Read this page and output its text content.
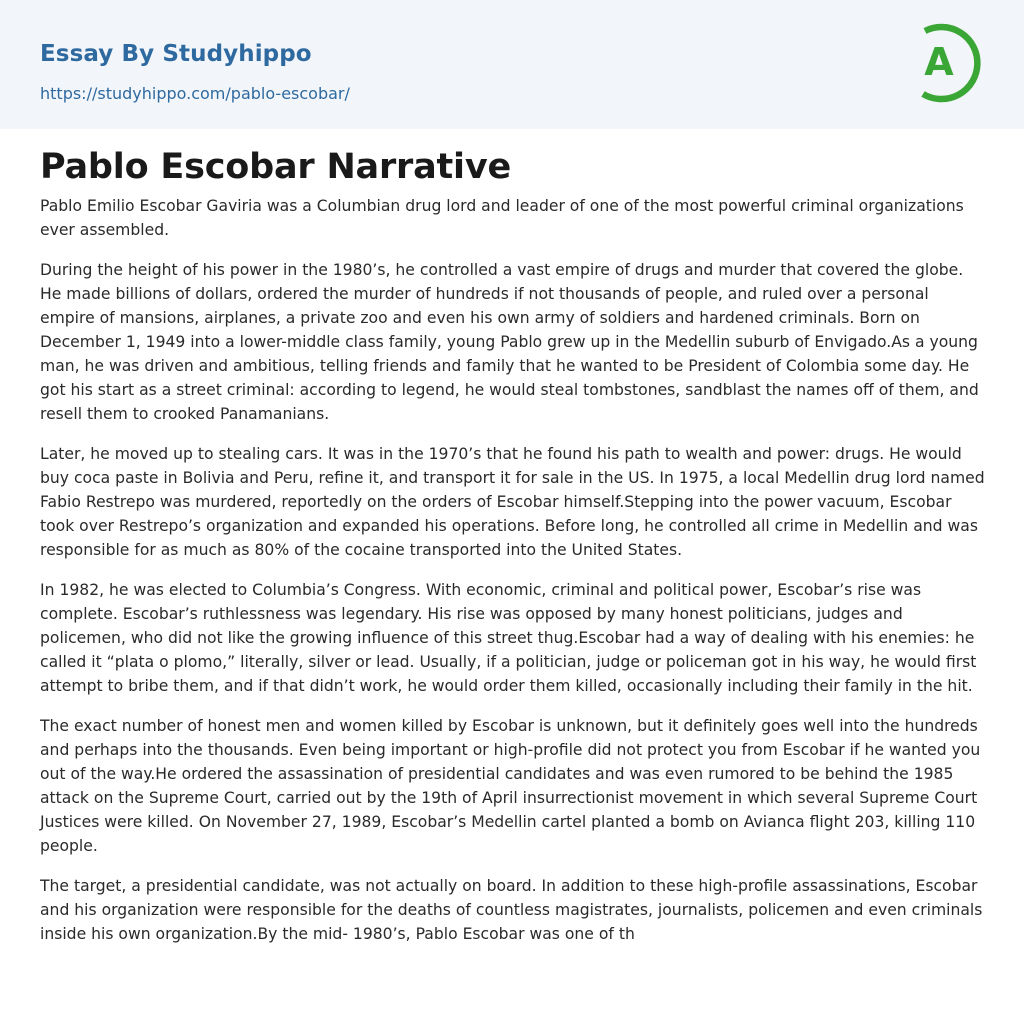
Essay By Studyhippo
https://studyhippo.com/pablo-escobar/
A
Pablo Escobar Narrative

Pablo Emilio Escobar Gaviria was a Columbian drug lord and leader of one of the most powerful criminal organizations ever assembled.

During the height of his power in the 1980’s, he controlled a vast empire of drugs and murder that covered the globe. He made billions of dollars, ordered the murder of hundreds if not thousands of people, and ruled over a personal empire of mansions, airplanes, a private zoo and even his own army of soldiers and hardened criminals. Born on December 1, 1949 into a lower-middle class family, young Pablo grew up in the Medellin suburb of Envigado.As a young man, he was driven and ambitious, telling friends and family that he wanted to be President of Colombia some day. He got his start as a street criminal: according to legend, he would steal tombstones, sandblast the names off of them, and resell them to crooked Panamanians.

Later, he moved up to stealing cars. It was in the 1970’s that he found his path to wealth and power: drugs. He would buy coca paste in Bolivia and Peru, refine it, and transport it for sale in the US. In 1975, a local Medellin drug lord named Fabio Restrepo was murdered, reportedly on the orders of Escobar himself.Stepping into the power vacuum, Escobar took over Restrepo’s organization and expanded his operations. Before long, he controlled all crime in Medellin and was responsible for as much as 80% of the cocaine transported into the United States.

In 1982, he was elected to Columbia’s Congress. With economic, criminal and political power, Escobar’s rise was complete. Escobar’s ruthlessness was legendary. His rise was opposed by many honest politicians, judges and policemen, who did not like the growing influence of this street thug.Escobar had a way of dealing with his enemies: he called it “plata o plomo,” literally, silver or lead. Usually, if a politician, judge or policeman got in his way, he would first attempt to bribe them, and if that didn’t work, he would order them killed, occasionally including their family in the hit.

The exact number of honest men and women killed by Escobar is unknown, but it definitely goes well into the hundreds and perhaps into the thousands. Even being important or high-profile did not protect you from Escobar if he wanted you out of the way.He ordered the assassination of presidential candidates and was even rumored to be behind the 1985 attack on the Supreme Court, carried out by the 19th of April insurrectionist movement in which several Supreme Court Justices were killed. On November 27, 1989, Escobar’s Medellin cartel planted a bomb on Avianca flight 203, killing 110 people.

The target, a presidential candidate, was not actually on board. In addition to these high-profile assassinations, Escobar and his organization were responsible for the deaths of countless magistrates, journalists, policemen and even criminals inside his own organization.By the mid- 1980’s, Pablo Escobar was one of th
